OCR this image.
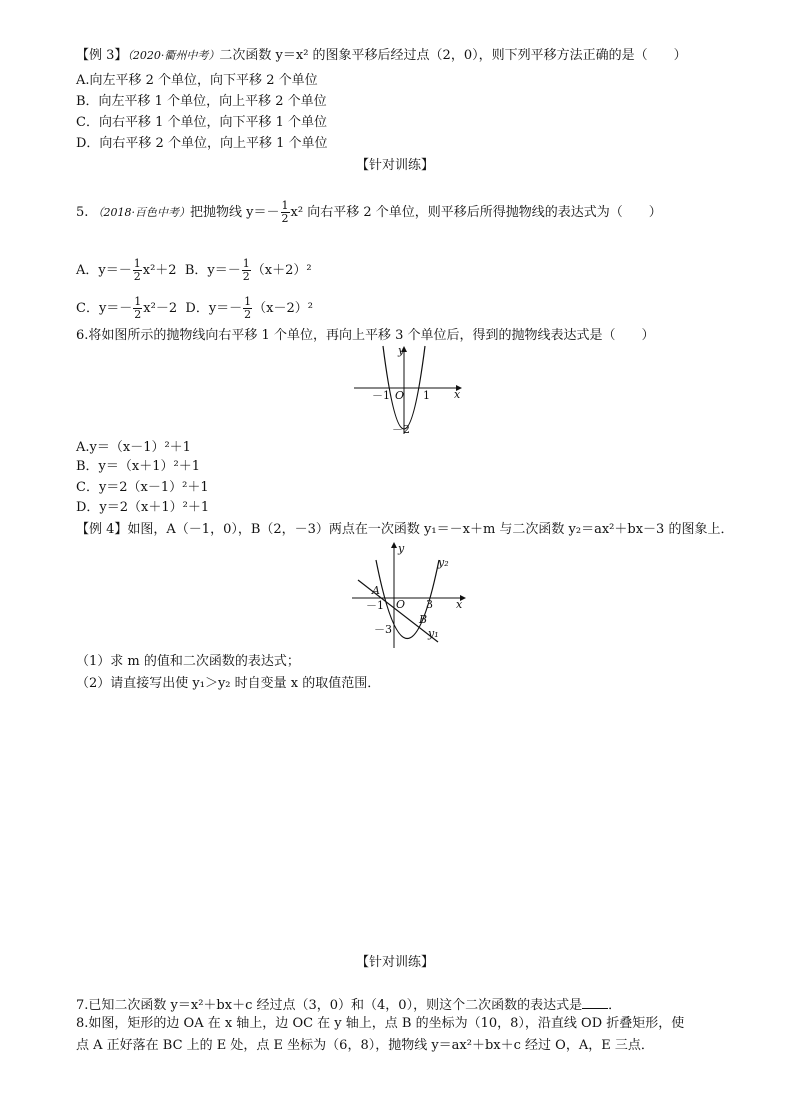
【例 3】（2020·衢州中考）二次函数 y＝x² 的图象平移后经过点（2，0），则下列平移方法正确的是（　　）
A.向左平移 2 个单位，向下平移 2 个单位
B．向左平移 1 个单位，向上平移 2 个单位
C．向右平移 1 个单位，向下平移 1 个单位
D．向右平移 2 个单位，向上平移 1 个单位
【针对训练】
5. （2018·百色中考）把抛物线 $y=- \frac{1}{2} x^2$ 向右平移 2 个单位，则平移后所得抛物线的表达式为（　　）
A．$y=- \frac{1}{2} x^2+2$ B．$y=- \frac{1}{2} (x+2)^2$
C．$y=- \frac{1}{2} x^2-2$ D．$y=- \frac{1}{2} (x-2)^2$
6.将如图所示的抛物线向右平移 1 个单位，再向上平移 3 个单位后，得到的抛物线表达式是（　　）
y
x
O
－1	1
－2
A.y＝（x－1）²＋1
B．y＝（x＋1）²＋1
C．y＝2（x－1）²＋1
D．y＝2（x＋1）²＋1
【例 4】如图，A（－1，0），B（2，－3）两点在一次函数 y₁＝－x＋m 与二次函数 y₂＝ax²＋bx－3 的图象上．
y
x
O
A
－1	3
－3
B
y₁
y₂
（1）求 m 的值和二次函数的表达式；
（2）请直接写出使 y₁＞y₂ 时自变量 x 的取值范围．
【针对训练】
7.已知二次函数 y＝x²＋bx＋c 经过点（3，0）和（4，0），则这个二次函数的表达式是 ．
8.如图，矩形的边 OA 在 x 轴上，边 OC 在 y 轴上，点 B 的坐标为（10，8），沿直线 OD 折叠矩形，使
点 A 正好落在 BC 上的 E 处，点 E 坐标为（6，8），抛物线 y＝ax²＋bx＋c 经过 O，A，E 三点．
